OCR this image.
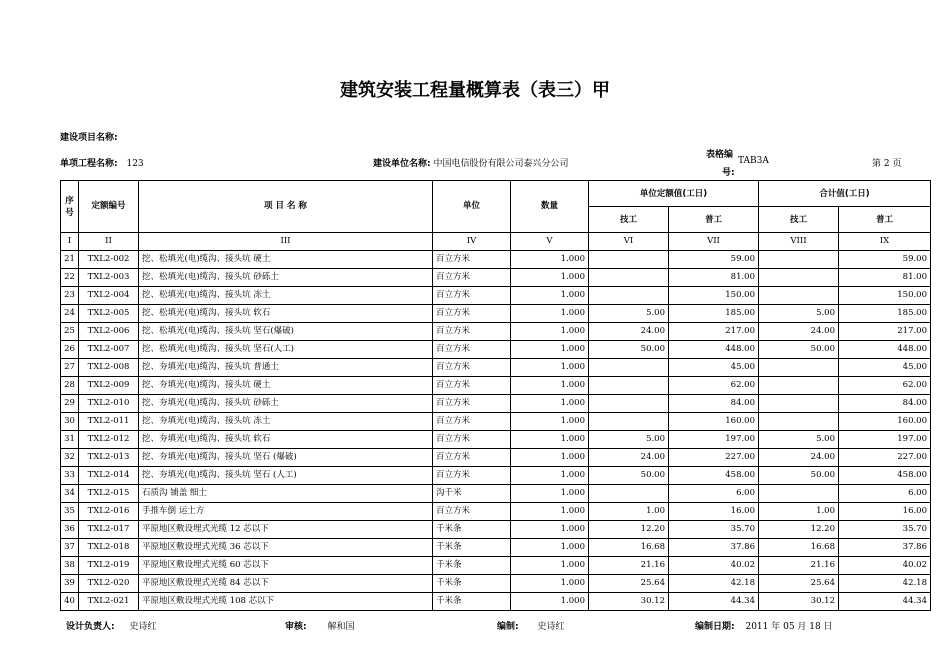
建筑安装工程量概算表（表三）甲
建设项目名称:
单项工程名称: 123	建设单位名称: 中国电信股份有限公司泰兴分公司
表格编
号:
TAB3A	第 2 页
序
号	定额编号	项 目 名 称	单位	数量	单位定额值(工日)		合计值(工日)	
					技工	普工	技工	普工
I	II	III	IV	V	VI	VII	VIII	IX
21	TXL2-002	挖、松填光(电)缆沟、接头坑 硬土	百立方米	1.000		59.00		59.00
22	TXL2-003	挖、松填光(电)缆沟、接头坑 砂砾土	百立方米	1.000		81.00		81.00
23	TXL2-004	挖、松填光(电)缆沟、接头坑 冻土	百立方米	1.000		150.00		150.00
24	TXL2-005	挖、松填光(电)缆沟、接头坑 软石	百立方米	1.000	5.00	185.00	5.00	185.00
25	TXL2-006	挖、松填光(电)缆沟、接头坑 坚石(爆破)	百立方米	1.000	24.00	217.00	24.00	217.00
26	TXL2-007	挖、松填光(电)缆沟、接头坑 坚石(人工)	百立方米	1.000	50.00	448.00	50.00	448.00
27	TXL2-008	挖、夯填光(电)缆沟、接头坑 普通土	百立方米	1.000		45.00		45.00
28	TXL2-009	挖、夯填光(电)缆沟、接头坑 硬土	百立方米	1.000		62.00		62.00
29	TXL2-010	挖、夯填光(电)缆沟、接头坑 砂砾土	百立方米	1.000		84.00		84.00
30	TXL2-011	挖、夯填光(电)缆沟、接头坑 冻土	百立方米	1.000		160.00		160.00
31	TXL2-012	挖、夯填光(电)缆沟、接头坑 软石	百立方米	1.000	5.00	197.00	5.00	197.00
32	TXL2-013	挖、夯填光(电)缆沟、接头坑 坚石 (爆破)	百立方米	1.000	24.00	227.00	24.00	227.00
33	TXL2-014	挖、夯填光(电)缆沟、接头坑 坚石 (人工)	百立方米	1.000	50.00	458.00	50.00	458.00
34	TXL2-015	石质沟 铺盖 细土	沟千米	1.000		6.00		6.00
35	TXL2-016	手推车倒 运土方	百立方米	1.000	1.00	16.00	1.00	16.00
36	TXL2-017	平原地区敷设埋式光缆 12 芯以下	千米条	1.000	12.20	35.70	12.20	35.70
37	TXL2-018	平原地区敷设埋式光缆 36 芯以下	千米条	1.000	16.68	37.86	16.68	37.86
38	TXL2-019	平原地区敷设埋式光缆 60 芯以下	千米条	1.000	21.16	40.02	21.16	40.02
39	TXL2-020	平原地区敷设埋式光缆 84 芯以下	千米条	1.000	25.64	42.18	25.64	42.18
40	TXL2-021	平原地区敷设埋式光缆 108 芯以下	千米条	1.000	30.12	44.34	30.12	44.34
设计负责人: 史诗红	审核: 解和国	编制: 史诗红	编制日期: 2011 年 05 月 18 日
